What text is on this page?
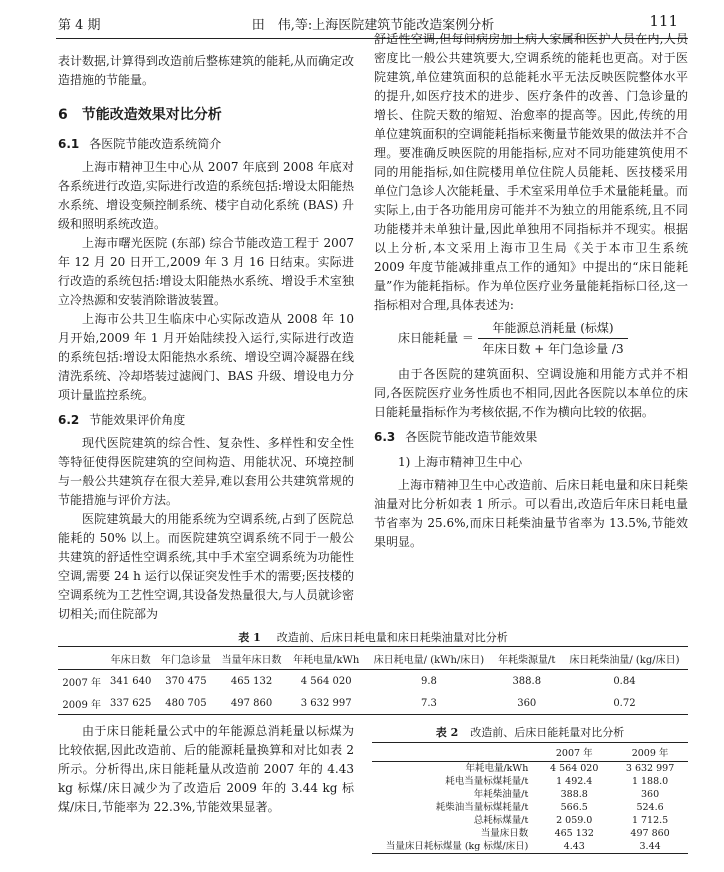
第 4 期	田　伟,等:上海医院建筑节能改造案例分析	111

表计数据,计算得到改造前后整栋建筑的能耗,从而确定改造措施的节能量。

6 节能改造效果对比分析

6.1 各医院节能改造系统简介

上海市精神卫生中心从 2007 年底到 2008 年底对各系统进行改造,实际进行改造的系统包括:增设太阳能热水系统、增设变频控制系统、楼宇自动化系统 (BAS) 升级和照明系统改造。

上海市曙光医院 (东部) 综合节能改造工程于 2007 年 12 月 20 日开工,2009 年 3 月 16 日结束。实际进行改造的系统包括:增设太阳能热水系统、增设手术室独立冷热源和安装消除谐波装置。

上海市公共卫生临床中心实际改造从 2008 年 10 月开始,2009 年 1 月开始陆续投入运行,实际进行改造的系统包括:增设太阳能热水系统、增设空调冷凝器在线清洗系统、冷却塔装过滤阀门、BAS 升级、增设电力分项计量监控系统。

6.2 节能效果评价角度

现代医院建筑的综合性、复杂性、多样性和安全性等特征使得医院建筑的空间构造、用能状况、环境控制与一般公共建筑存在很大差异,难以套用公共建筑常规的节能措施与评价方法。

医院建筑最大的用能系统为空调系统,占到了医院总能耗的 50% 以上。而医院建筑空调系统不同于一般公共建筑的舒适性空调系统,其中手术室空调系统为功能性空调,需要 24 h 运行以保证突发性手术的需要;医技楼的空调系统为工艺性空调,其设备发热量很大,与人员就诊密切相关;而住院部为

舒适性空调,但每间病房加上病人家属和医护人员在内,人员密度比一般公共建筑要大,空调系统的能耗也更高。对于医院建筑,单位建筑面积的总能耗水平无法反映医院整体水平的提升,如医疗技术的进步、医疗条件的改善、门急诊量的增长、住院天数的缩短、治愈率的提高等。因此,传统的用单位建筑面积的空调能耗指标来衡量节能效果的做法并不合理。要准确反映医院的用能指标,应对不同功能建筑使用不同的用能指标,如住院楼用单位住院人员能耗、医技楼采用单位门急诊人次能耗量、手术室采用单位手术量能耗量。而实际上,由于各功能用房可能并不为独立的用能系统,且不同功能楼并未单独计量,因此单独用不同指标并不现实。根据以上分析,本文采用上海市卫生局《关于本市卫生系统 2009 年度节能减排重点工作的通知》中提出的“床日能耗量”作为能耗指标。作为单位医疗业务量能耗指标口径,这一指标相对合理,具体表述为:

床日能耗量 ＝
年能源总消耗量 (标煤)
年床日数 + 年门急诊量 /3

由于各医院的建筑面积、空调设施和用能方式并不相同,各医院医疗业务性质也不相同,因此各医院以本单位的床日能耗量指标作为考核依据,不作为横向比较的依据。

6.3 各医院节能改造节能效果

1) 上海市精神卫生中心

上海市精神卫生中心改造前、后床日耗电量和床日耗柴油量对比分析如表 1 所示。可以看出,改造后年床日耗电量节省率为 25.6%,而床日耗柴油量节省率为 13.5%,节能效果明显。

表 1 改造前、后床日耗电量和床日耗柴油量对比分析
	年床日数	年门急诊量	当量年床日数	年耗电量/kWh	床日耗电量/ (kWh/床日)	年耗柴源量/t	床日耗柴油量/ (kg/床日)
2007 年	341 640	370 475	465 132	4 564 020	9.8	388.8	0.84
2009 年	337 625	480 705	497 860	3 632 997	7.3	360	0.72

由于床日能耗量公式中的年能源总消耗量以标煤为比较依据,因此改造前、后的能源耗量换算和对比如表 2 所示。分析得出,床日能耗量从改造前 2007 年的 4.43 kg 标煤/床日减少为了改造后 2009 年的 3.44 kg 标煤/床日,节能率为 22.3%,节能效果显著。

表 2 改造前、后床日能耗量对比分析
	2007 年	2009 年
年耗电量/kWh	4 564 020	3 632 997
耗电当量标煤耗量/t	1 492.4	1 188.0
年耗柴油量/t	388.8	360
耗柴油当量标煤耗量/t	566.5	524.6
总耗标煤量/t	2 059.0	1 712.5
当量床日数	465 132	497 860
当量床日耗标煤量 (kg 标煤/床日)	4.43	3.44
